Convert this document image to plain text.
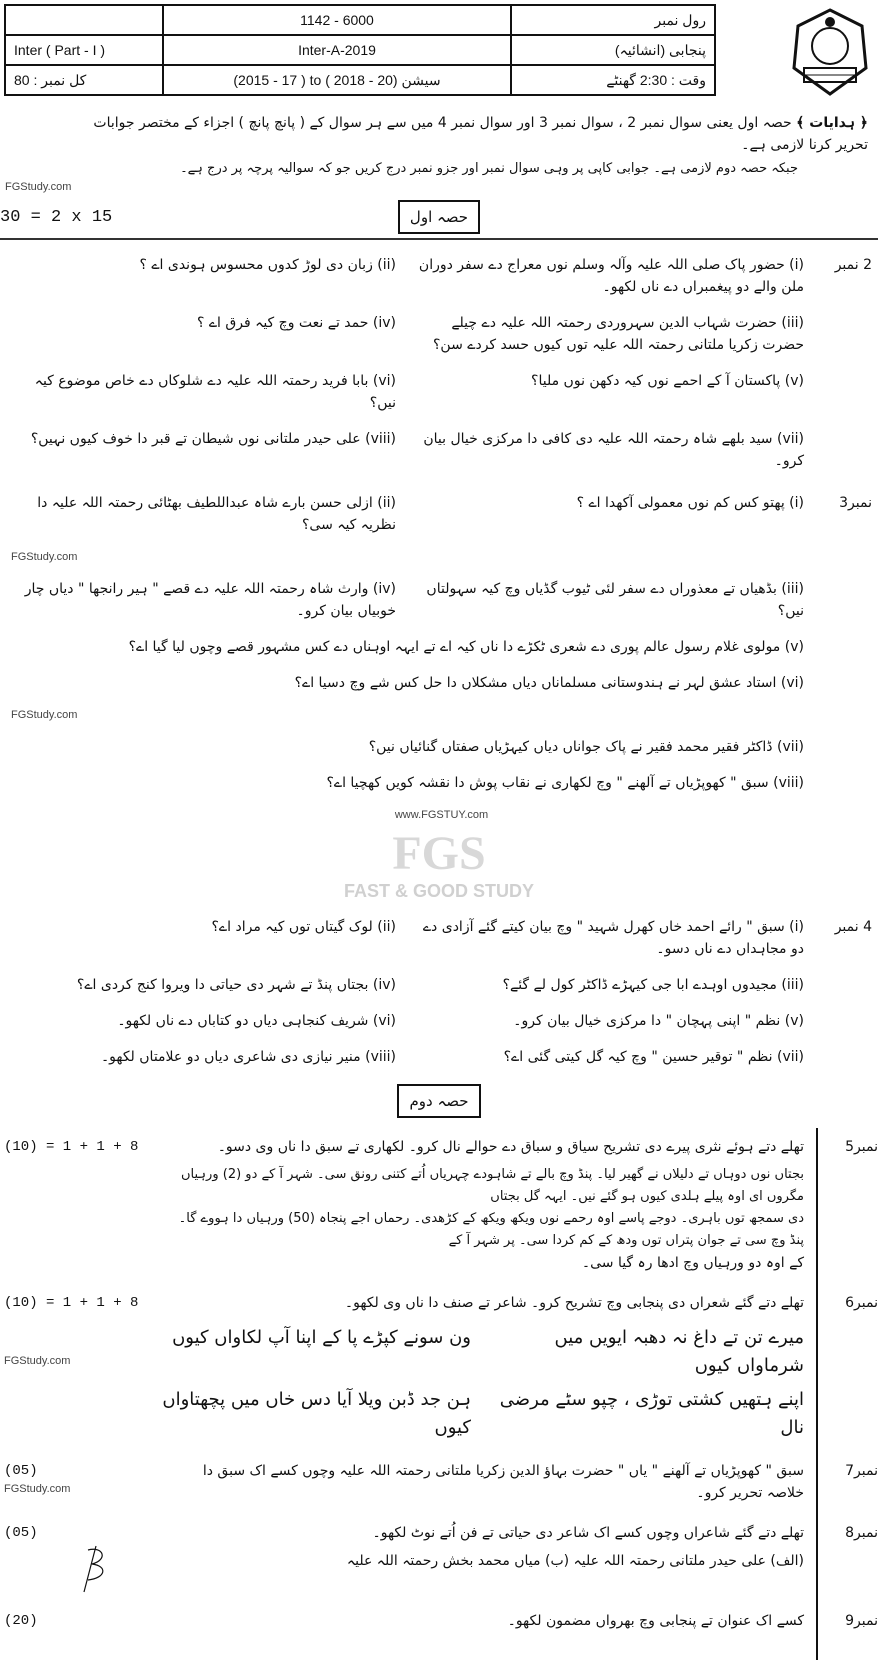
	1142 - 6000	رول نمبر
Inter ( Part - I )	Inter-A-2019	پنجابی (انشائیہ)
80 : کل نمبر	(2015 - 17 ) to ( 2018 - 20) سیشن	وقت : 2:30 گھنٹے
﴿ ہدایات ﴾ حصہ اول یعنی سوال نمبر 2 ، سوال نمبر 3 اور سوال نمبر 4 میں سے ہر سوال کے ( پانچ پانچ ) اجزاء کے مختصر جوابات تحریر کرنا لازمی ہے۔
جبکہ حصہ دوم لازمی ہے۔ جوابی کاپی پر وہی سوال نمبر اور جزو نمبر درج کریں جو کہ سوالیہ پرچہ پر درج ہے۔
FGStudy.com
30 = 2 x 15	حصہ اول
2 نمبر
(i) حضور پاک صلی اللہ علیہ وآلہ وسلم نوں معراج دے سفر دوران ملن والے دو پیغمبراں دے ناں لکھو۔
(ii) زبان دی لوڑ کدوں محسوس ہوندی اے ؟
(iii) حضرت شہاب الدین سہروردی رحمتہ اللہ علیہ دے چیلے حضرت زکریا ملتانی رحمتہ اللہ علیہ توں کیوں حسد کردے سن؟
(iv) حمد تے نعت وچ کیہ فرق اے ؟
(v) پاکستان آ کے احمے نوں کیہ دکھن نوں ملیا؟
(vi) بابا فرید رحمتہ اللہ علیہ دے شلوکاں دے خاص موضوع کیہ نیں؟
(vii) سید بلھے شاہ رحمتہ اللہ علیہ دی کافی دا مرکزی خیال بیان کرو۔
(viii) علی حیدر ملتانی نوں شیطان تے قبر دا خوف کیوں نہیں؟
نمبر3
(i) پھتو کس کم نوں معمولی آکھدا اے ؟
(ii) ازلی حسن بارے شاہ عبداللطیف بھٹائی رحمتہ اللہ علیہ دا نظریہ کیہ سی؟
FGStudy.com
(iii) بڈھیاں تے معذوراں دے سفر لئی ٹیوب گڈیاں وچ کیہ سہولتاں نیں؟
(iv) وارث شاہ رحمتہ اللہ علیہ دے قصے " ہیر رانجھا " دیاں چار خوبیاں بیان کرو۔
(v) مولوی غلام رسول عالم پوری دے شعری ٹکڑے دا ناں کیہ اے تے ایہہ اوہناں دے کس مشہور قصے وچوں لیا گیا اے؟
(vi) استاد عشق لہر نے ہندوستانی مسلماناں دیاں مشکلاں دا حل کس شے وچ دسیا اے؟
FGStudy.com
(vii) ڈاکٹر فقیر محمد فقیر نے پاک جواناں دیاں کیہڑیاں صفتاں گنائیاں نیں؟
(viii) سبق " کھوپڑیاں تے آلھنے " وچ لکھاری نے نقاب پوش دا نقشہ کویں کھچیا اے؟
www.FGSTUY.com
FGS
FAST & GOOD STUDY
4 نمبر
(i) سبق " رائے احمد خاں کھرل شہید " وچ بیان کیتے گئے آزادی دے دو مجاہداں دے ناں دسو۔
(ii) لوک گیتاں توں کیہ مراد اے؟
(iii) مجیدوں اوہدے ابا جی کیہڑے ڈاکٹر کول لے گئے؟
(iv) بجتاں پنڈ تے شہر دی حیاتی دا ویروا کنج کردی اے؟
(v) نظم " اپنی پہچان " دا مرکزی خیال بیان کرو۔
(vi) شریف کنجاہی دیاں دو کتاباں دے ناں لکھو۔
(vii) نظم " توقیر حسین " وچ کیہ گل کیتی گئی اے؟
(viii) منیر نیازی دی شاعری دیاں دو علامتاں لکھو۔
حصہ دوم
نمبر5
تھلے دتے ہوئے نثری پیرے دی تشریح سیاق و سباق دے حوالے نال کرو۔ لکھاری تے سبق دا ناں وی دسو۔
بجتاں نوں دوہاں تے دلیلاں نے گھیر لیا۔ پنڈ وچ بالے تے شاہودے چہریاں اُتے کتنی رونق سی۔ شہر آ کے دو (2) ورہیاں مگروں ای اوہ پیلے ہلدی کیوں ہو گئے نیں۔ ایہہ گل بجتاں
دی سمجھ توں باہری۔ دوجے پاسے اوہ رحمے نوں ویکھ ویکھ کے کڑھدی۔ رحماں اجے پنجاہ (50) ورہیاں دا ہووے گا۔ پنڈ وچ سی تے جوان پتراں توں ودھ کے کم کردا سی۔ پر شہر آ کے
کے اوہ دو ورہیاں وچ ادھا رہ گیا سی۔
(10) = 1 + 1 + 8
نمبر6
تھلے دتے گئے شعراں دی پنجابی وچ تشریح کرو۔ شاعر تے صنف دا ناں وی لکھو۔
میرے تن تے داغ نہ دھبہ ایویں میں شرماواں کیوں
ون سونے کپڑے پا کے اپنا آپ لکاواں کیوں
اپنے ہتھیں کشتی توڑی ، چپو سٹے مرضی نال
ہن جد ڈبن ویلا آیا دس خاں میں پچھتاواں کیوں
(10) = 1 + 1 + 8
FGStudy.com
نمبر7
سبق " کھوپڑیاں تے آلھنے " یاں " حضرت بہاؤ الدین زکریا ملتانی رحمتہ اللہ علیہ وچوں کسے اک سبق دا خلاصہ تحریر کرو۔
(05)
FGStudy.com
نمبر8
تھلے دتے گئے شاعراں وچوں کسے اک شاعر دی حیاتی تے فن اُتے نوٹ لکھو۔
(الف) علی حیدر ملتانی رحمتہ اللہ علیہ (ب) میاں محمد بخش رحمتہ اللہ علیہ
(05)
نمبر9
کسے اک عنوان تے پنجابی وچ بھرواں مضمون لکھو۔
(20)
